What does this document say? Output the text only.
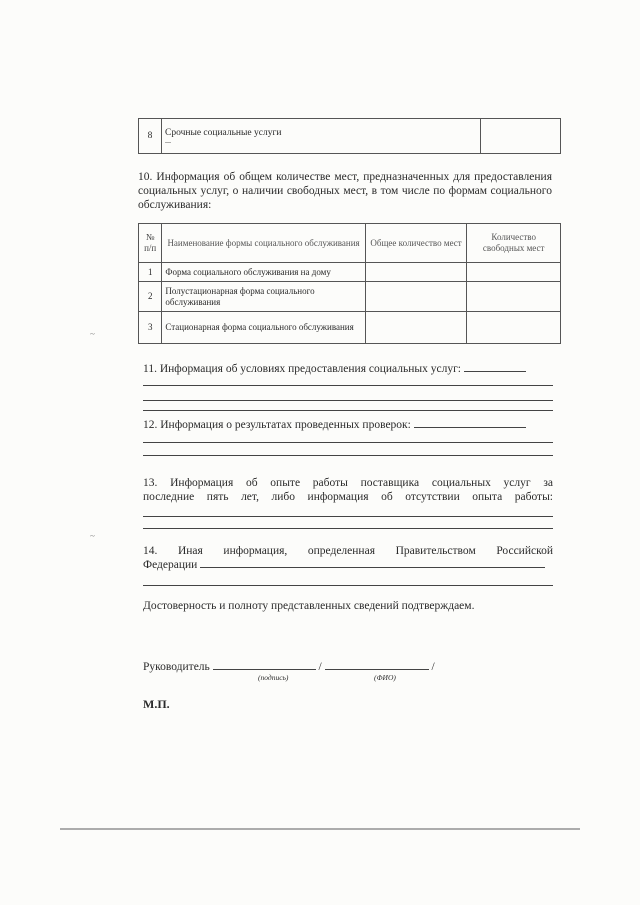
8	Срочные социальные услуги
...

10. Информация об общем количестве мест, предназначенных для предоставления социальных услуг, о наличии свободных мест, в том числе по формам социального обслуживания:
№ п/п	Наименование формы социального обслуживания	Общее количество мест	Количество свободных мест
1	Форма социального обслуживания на дому		
2	Полустационарная форма социального обслуживания		
3	Стационарная форма социального обслуживания		
11. Информация об условиях предоставления социальных услуг:
12. Информация о результатах проведенных проверок:
13. Информация об опыте работы поставщика социальных услуг за
последние пять лет, либо информация об отсутствии опыта работы:
14. Иная информация, определенная Правительством Российской
Федерации
Достоверность и полноту представленных сведений подтверждаем.
Руководитель	/	/
(подпись)	(ФИО)
М.П.
~
~
